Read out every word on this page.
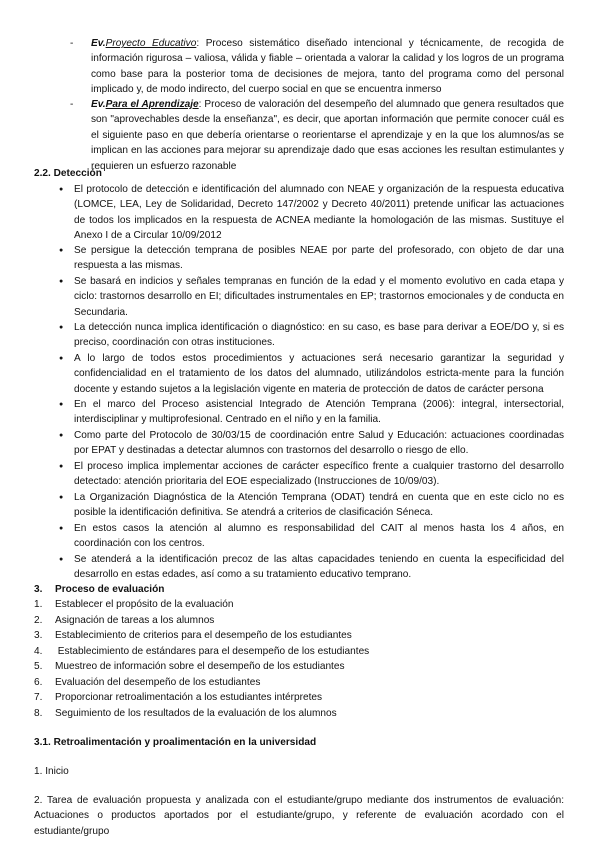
- Ev.Proyecto Educativo: Proceso sistemático diseñado intencional y técnicamente, de recogida de información rigurosa – valiosa, válida y fiable – orientada a valorar la calidad y los logros de un programa como base para la posterior toma de decisiones de mejora, tanto del programa como del personal implicado y, de modo indirecto, del cuerpo social en que se encuentra inmerso
- Ev.Para el Aprendizaje: Proceso de valoración del desempeño del alumnado que genera resultados que son "aprovechables desde la enseñanza", es decir, que aportan información que permite conocer cuál es el siguiente paso en que debería orientarse o reorientarse el aprendizaje y en la que los alumnos/as se implican en las acciones para mejorar su aprendizaje dado que esas acciones les resultan estimulantes y requieren un esfuerzo razonable
2.2. Detección
● El protocolo de detección e identificación del alumnado con NEAE y organización de la respuesta educativa (LOMCE, LEA, Ley de Solidaridad, Decreto 147/2002 y Decreto 40/2011) pretende unificar las actuaciones de todos los implicados en la respuesta de ACNEA mediante la homologación de las mismas. Sustituye el Anexo I de a Circular 10/09/2012
● Se persigue la detección temprana de posibles NEAE por parte del profesorado, con objeto de dar una respuesta a las mismas.
● Se basará en indicios y señales tempranas en función de la edad y el momento evolutivo en cada etapa y ciclo: trastornos desarrollo en EI; dificultades instrumentales en EP; trastornos emocionales y de conducta en Secundaria.
● La detección nunca implica identificación o diagnóstico: en su caso, es base para derivar a EOE/DO y, si es preciso, coordinación con otras instituciones.
● A lo largo de todos estos procedimientos y actuaciones será necesario garantizar la seguridad y confidencialidad en el tratamiento de los datos del alumnado, utilizándolos estricta-mente para la función docente y estando sujetos a la legislación vigente en materia de protección de datos de carácter persona
● En el marco del Proceso asistencial Integrado de Atención Temprana (2006): integral, intersectorial, interdisciplinar y multiprofesional. Centrado en el niño y en la familia.
● Como parte del Protocolo de 30/03/15 de coordinación entre Salud y Educación: actuaciones coordinadas por EPAT y destinadas a detectar alumnos con trastornos del desarrollo o riesgo de ello.
● El proceso implica implementar acciones de carácter específico frente a cualquier trastorno del desarrollo detectado: atención prioritaria del EOE especializado (Instrucciones de 10/09/03).
● La Organización Diagnóstica de la Atención Temprana (ODAT) tendrá en cuenta que en este ciclo no es posible la identificación definitiva. Se atendrá a criterios de clasificación Séneca.
● En estos casos la atención al alumno es responsabilidad del CAIT al menos hasta los 4 años, en coordinación con los centros.
● Se atenderá a la identificación precoz de las altas capacidades teniendo en cuenta la especificidad del desarrollo en estas edades, así como a su tratamiento educativo temprano.
3. Proceso de evaluación
1. Establecer el propósito de la evaluación
2. Asignación de tareas a los alumnos
3. Establecimiento de criterios para el desempeño de los estudiantes
4. Establecimiento de estándares para el desempeño de los estudiantes
5. Muestreo de información sobre el desempeño de los estudiantes
6. Evaluación del desempeño de los estudiantes
7. Proporcionar retroalimentación a los estudiantes intérpretes
8. Seguimiento de los resultados de la evaluación de los alumnos
3.1. Retroalimentación y proalimentación en la universidad
1. Inicio
2. Tarea de evaluación propuesta y analizada con el estudiante/grupo mediante dos instrumentos de evaluación: Actuaciones o productos aportados por el estudiante/grupo, y referente de evaluación acordado con el estudiante/grupo
